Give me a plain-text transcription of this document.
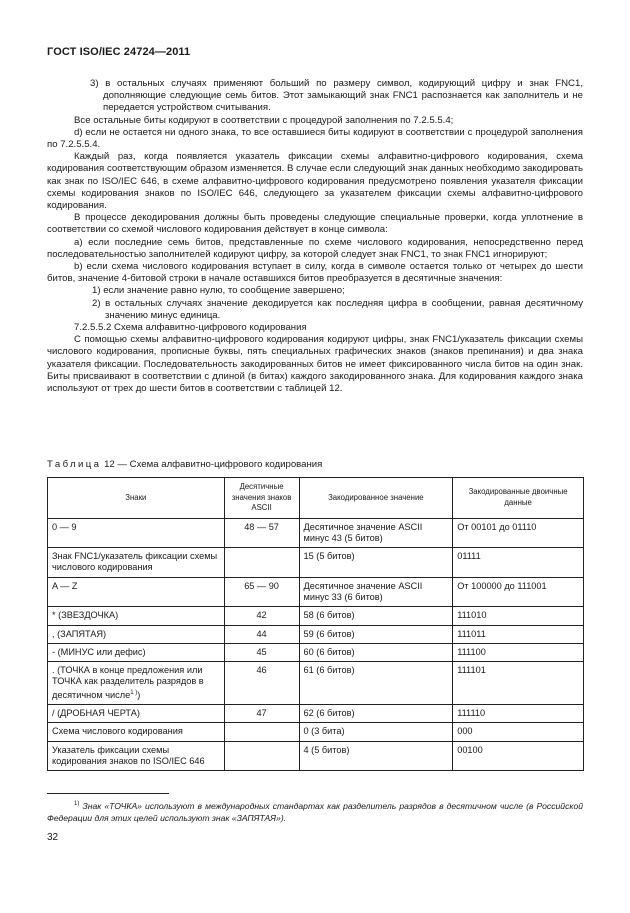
ГОСТ ISO/IEC 24724—2011

3) в остальных случаях применяют больший по размеру символ, кодирующий цифру и знак FNC1, дополняющие следующие семь битов. Этот замыкающий знак FNC1 распознается как заполнитель и не передается устройством считывания.

Все остальные биты кодируют в соответствии с процедурой заполнения по 7.2.5.5.4;

d) если не остается ни одного знака, то все оставшиеся биты кодируют в соответствии с процедурой заполнения по 7.2.5.5.4.

Каждый раз, когда появляется указатель фиксации схемы алфавитно-цифрового кодирования, схема кодирования соответствующим образом изменяется. В случае если следующий знак данных необходимо закодировать как знак по ISO/IEC 646, в схеме алфавитно-цифрового кодирования предусмотрено появления указателя фиксации схемы кодирования знаков по ISO/IEC 646, следующего за указателем фиксации схемы алфавитно-цифрового кодирования.

В процессе декодирования должны быть проведены следующие специальные проверки, когда уплотнение в соответствии со схемой числового кодирования действует в конце символа:

a) если последние семь битов, представленные по схеме числового кодирования, непосредственно перед последовательностью заполнителей кодируют цифру, за которой следует знак FNC1, то знак FNC1 игнорируют;

b) если схема числового кодирования вступает в силу, когда в символе остается только от четырех до шести битов, значение 4-битовой строки в начале оставшихся битов преобразуется в десятичные значения:

1) если значение равно нулю, то сообщение завершено;

2) в остальных случаях значение декодируется как последняя цифра в сообщении, равная десятичному значению минус единица.

7.2.5.5.2 Схема алфавитно-цифрового кодирования

С помощью схемы алфавитно-цифрового кодирования кодируют цифры, знак FNC1/указатель фиксации схемы числового кодирования, прописные буквы, пять специальных графических знаков (знаков препинания) и два знака указателя фиксации. Последовательность закодированных битов не имеет фиксированного числа битов на один знак. Биты присваивают в соответствии с длиной (в битах) каждого закодированного знака. Для кодирования каждого знака используют от трех до шести битов в соответствии с таблицей 12.

Таблица 12 — Схема алфавитно-цифрового кодирования
Знаки	Десятичные значения знаков ASCII	Закодированное значение	Закодированные двоичные данные
0 — 9	48 — 57	Десятичное значение ASCII минус 43 (5 битов)	От 00101 до 01110
Знак FNC1/указатель фиксации схемы числового кодирования		15 (5 битов)	01111
A — Z	65 — 90	Десятичное значение ASCII минус 33 (6 битов)	От 100000 до 111001
* (ЗВЕЗДОЧКА)	42	58 (6 битов)	111010
, (ЗАПЯТАЯ)	44	59 (6 битов)	111011
- (МИНУС или дефис)	45	60 (6 битов)	111100
. (ТОЧКА в конце предложения или ТОЧКА как разделитель разрядов в десятичном числе$^{1 )}$)	46	61 (6 битов)	111101
/ (ДРОБНАЯ ЧЕРТА)	47	62 (6 битов)	111110
Схема числового кодирования		0 (3 бита)	000
Указатель фиксации схемы кодирования знаков по ISO/IEC 646		4 (5 битов)	00100
$^{1)}$ Знак «ТОЧКА» используют в международных стандартах как разделитель разрядов в десятичном числе (в Российской Федерации для этих целей используют знак «ЗАПЯТАЯ»).
32
